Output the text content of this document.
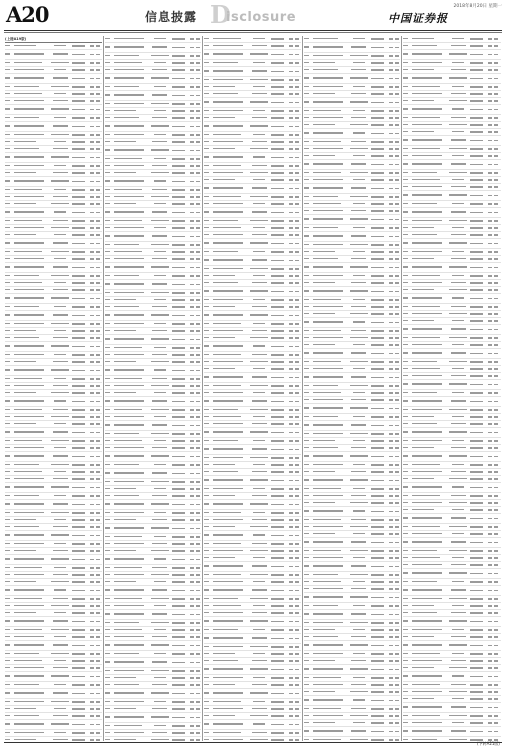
A20	信息披露 D
isclosure
2018年8月20日 星期一
中国证券报
(上接A19版)
(下转A21版)
